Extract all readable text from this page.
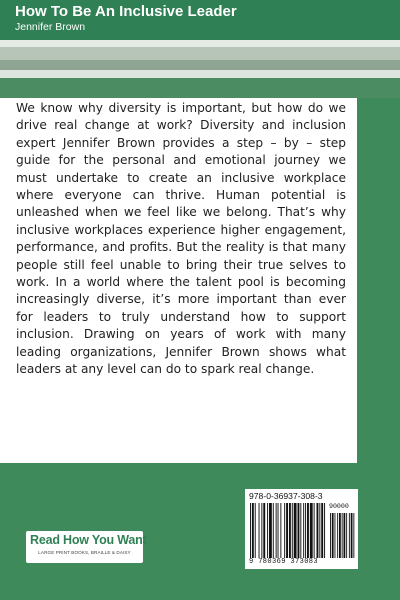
How To Be An Inclusive Leader
Jennifer Brown

We know why diversity is important, but how do we drive real change at work? Diversity and inclusion expert Jennifer Brown provides a step – by – step guide for the personal and emotional journey we must undertake to create an inclusive workplace where everyone can thrive. Human potential is unleashed when we feel like we belong. That’s why inclusive workplaces experience higher engagement, performance, and profits. But the reality is that many people still feel unable to bring their true selves to work. In a world where the talent pool is becoming increasingly diverse, it’s more important than ever for leaders to truly understand how to support inclusion. Drawing on years of work with many leading organizations, Jennifer Brown shows what leaders at any level can do to spark real change.

Read How You Want
LARGE PRINT BOOKS, BRAILLE & DAISY
978-0-36937-308-3
90000
9 780369 373083
